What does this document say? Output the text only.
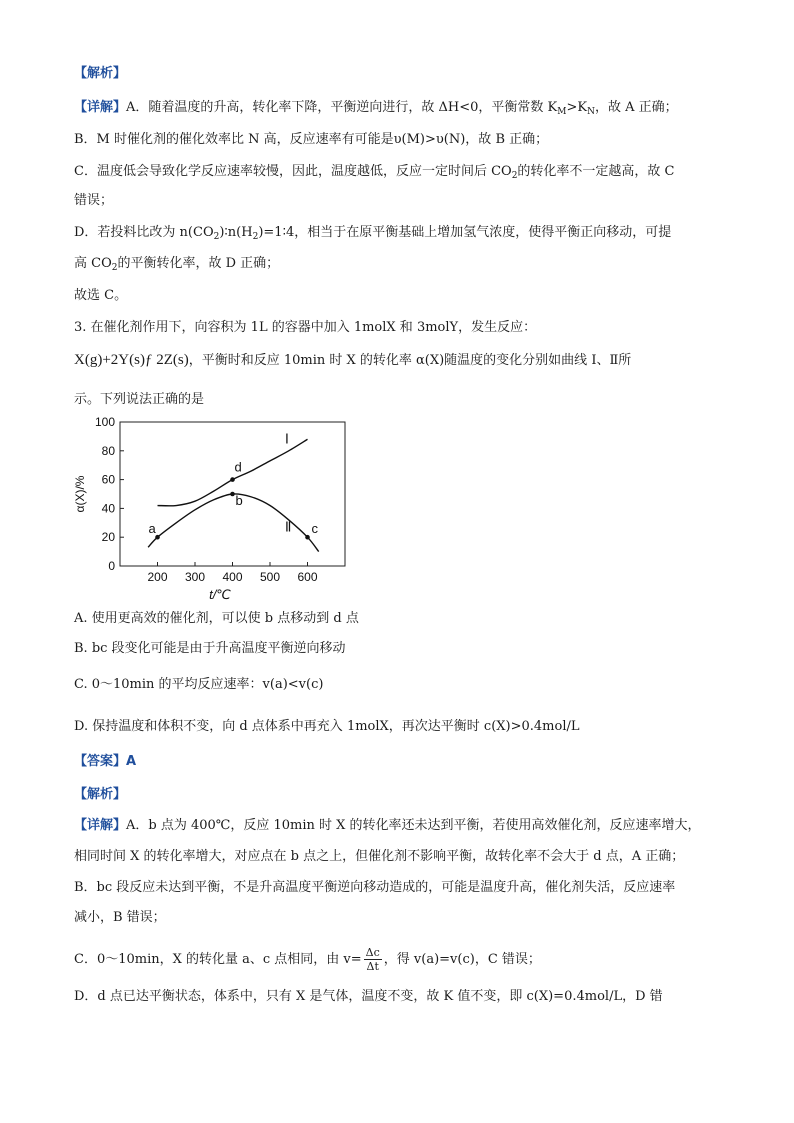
【解析】
【详解】A．随着温度的升高，转化率下降，平衡逆向进行，故 ΔH<0，平衡常数 $K_M>K_N$，故 A 正确；
B．M 时催化剂的催化效率比 N 高，反应速率有可能是υ(M)>υ(N)，故 B 正确；
C．温度低会导致化学反应速率较慢，因此，温度越低，反应一定时间后 $CO_2$的转化率不一定越高，故 C
错误；
D．若投料比改为 $n(CO_2)∶n(H_2)=1∶4$，相当于在原平衡基础上增加氢气浓度，使得平衡正向移动，可提
高 $CO_2$的平衡转化率，故 D 正确；
故选 C。
3. 在催化剂作用下，向容积为 1L 的容器中加入 1molX 和 3molY，发生反应：
X(g)+2Y(s)ƒ 2Z(s)，平衡时和反应 10min 时 X 的转化率 α(X)随温度的变化分别如曲线 Ⅰ、Ⅱ所
示。下列说法正确的是
0
20
40
60
80
100
200 300 400 500 600
a
b
c
d
Ⅰ
Ⅱ
t/℃
α(X)/%
A. 使用更高效的催化剂，可以使 b 点移动到 d 点
B. bc 段变化可能是由于升高温度平衡逆向移动
C. 0～10min 的平均反应速率：v(a)<v(c)
D. 保持温度和体积不变，向 d 点体系中再充入 1molX，再次达平衡时 c(X)>0.4mol/L
【答案】A
【解析】
【详解】A．b 点为 400℃，反应 10min 时 X 的转化率还未达到平衡，若使用高效催化剂，反应速率增大，
相同时间 X 的转化率增大，对应点在 b 点之上，但催化剂不影响平衡，故转化率不会大于 d 点，A 正确；
B．bc 段反应未达到平衡，不是升高温度平衡逆向移动造成的，可能是温度升高，催化剂失活，反应速率
减小，B 错误；
C．0～10min，X 的转化量 a、c 点相同，由 $v= \frac{\Delta c}{\Delta t}$ ，得 v(a)=v(c)，C 错误；
D．d 点已达平衡状态，体系中，只有 X 是气体，温度不变，故 K 值不变，即 c(X)=0.4mol/L，D 错
